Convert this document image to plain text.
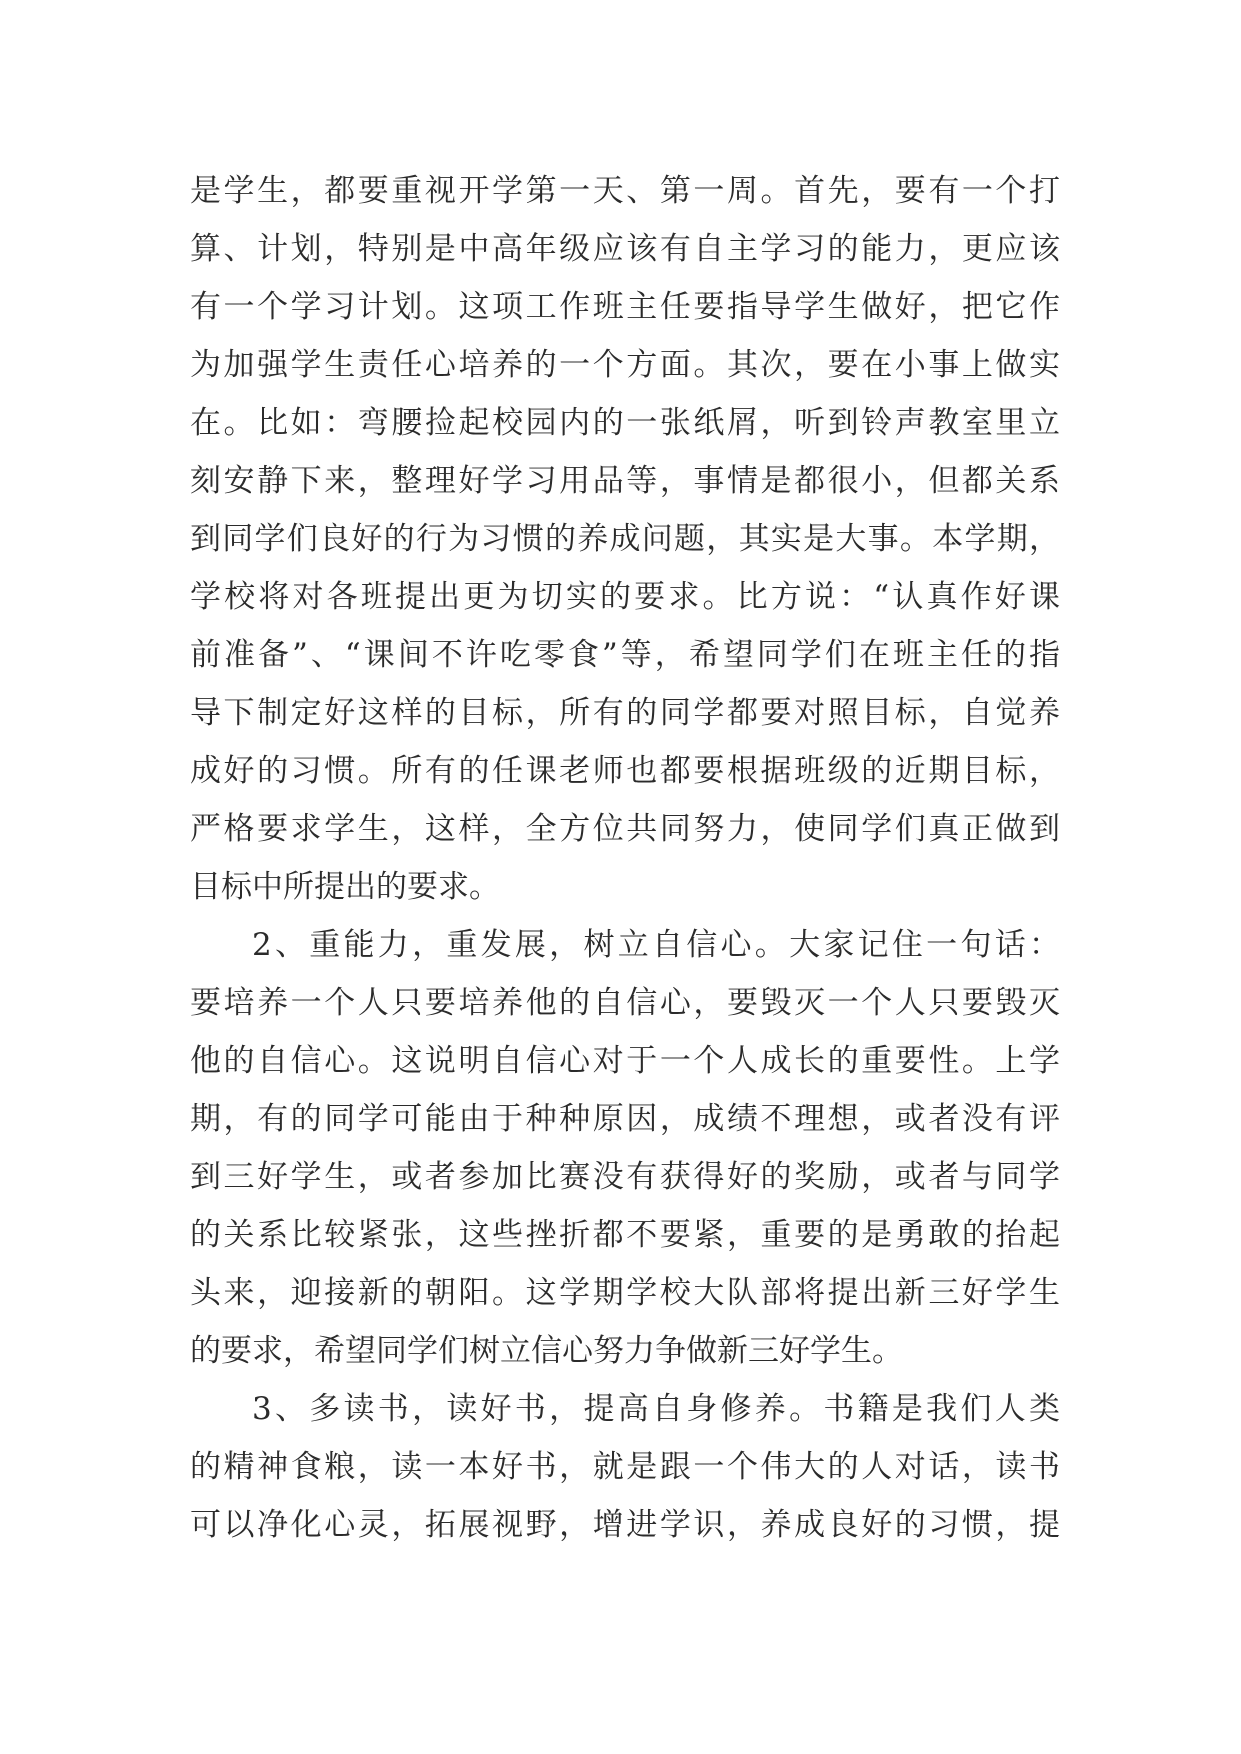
是学生，都要重视开学第一天、第一周。首先，要有一个打
算、计划，特别是中高年级应该有自主学习的能力，更应该
有一个学习计划。这项工作班主任要指导学生做好，把它作
为加强学生责任心培养的一个方面。其次，要在小事上做实
在。比如：弯腰捡起校园内的一张纸屑，听到铃声教室里立
刻安静下来，整理好学习用品等，事情是都很小，但都关系
到同学们良好的行为习惯的养成问题，其实是大事。本学期，
学校将对各班提出更为切实的要求。比方说：“认真作好课
前准备”、“课间不许吃零食”等，希望同学们在班主任的指
导下制定好这样的目标，所有的同学都要对照目标，自觉养
成好的习惯。所有的任课老师也都要根据班级的近期目标，
严格要求学生，这样，全方位共同努力，使同学们真正做到
目标中所提出的要求。
2、重能力，重发展，树立自信心。大家记住一句话：
要培养一个人只要培养他的自信心，要毁灭一个人只要毁灭
他的自信心。这说明自信心对于一个人成长的重要性。上学
期，有的同学可能由于种种原因，成绩不理想，或者没有评
到三好学生，或者参加比赛没有获得好的奖励，或者与同学
的关系比较紧张，这些挫折都不要紧，重要的是勇敢的抬起
头来，迎接新的朝阳。这学期学校大队部将提出新三好学生
的要求，希望同学们树立信心努力争做新三好学生。
3、多读书，读好书，提高自身修养。书籍是我们人类
的精神食粮，读一本好书，就是跟一个伟大的人对话，读书
可以净化心灵，拓展视野，增进学识，养成良好的习惯，提
